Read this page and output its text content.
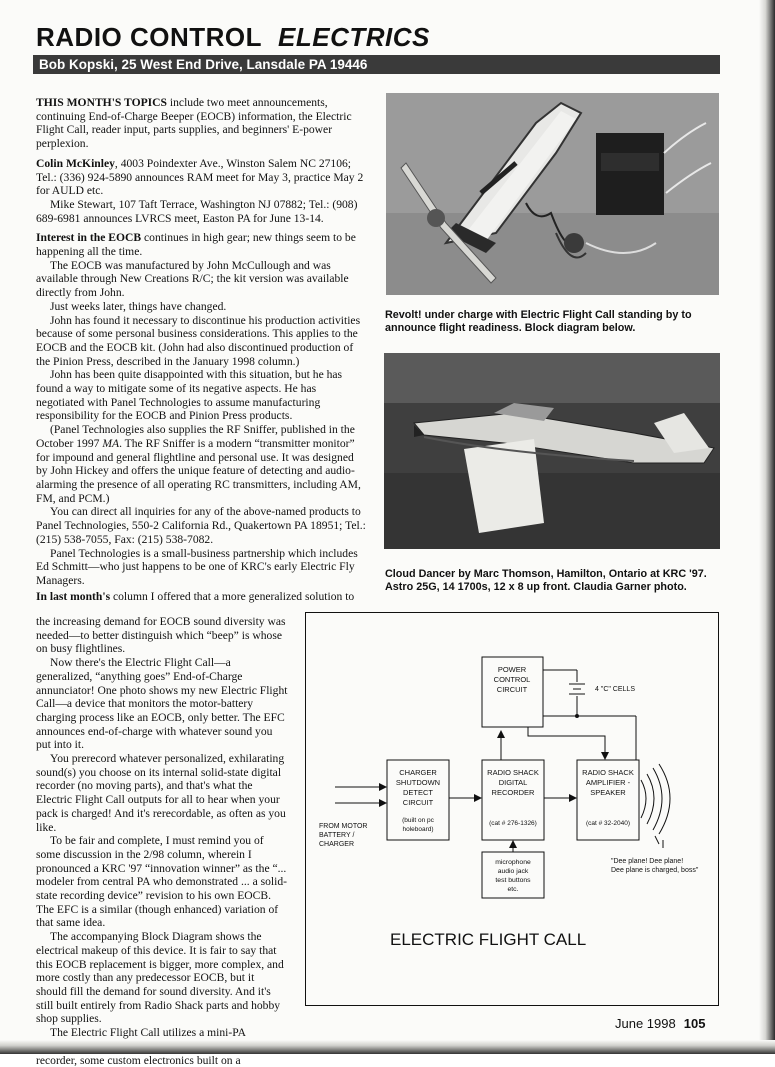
RADIO CONTROL ELECTRICS
Bob Kopski, 25 West End Drive, Lansdale PA 19446

THIS MONTH'S TOPICS include two meet announcements, continuing End-of-Charge Beeper (EOCB) information, the Electric Flight Call, reader input, parts supplies, and beginners' E-power perplexion.

Colin McKinley, 4003 Poindexter Ave., Winston Salem NC 27106; Tel.: (336) 924-5890 announces RAM meet for May 3, practice May 2 for AULD etc.

Mike Stewart, 107 Taft Terrace, Washington NJ 07882; Tel.: (908) 689-6981 announces LVRCS meet, Easton PA for June 13-14.

Interest in the EOCB continues in high gear; new things seem to be happening all the time.

The EOCB was manufactured by John McCullough and was available through New Creations R/C; the kit version was available directly from John.

Just weeks later, things have changed.

John has found it necessary to discontinue his production activities because of some personal business considerations. This applies to the EOCB and the EOCB kit. (John had also discontinued production of the Pinion Press, described in the January 1998 column.)

John has been quite disappointed with this situation, but he has found a way to mitigate some of its negative aspects. He has negotiated with Panel Technologies to assume manufacturing responsibility for the EOCB and Pinion Press products.

(Panel Technologies also supplies the RF Sniffer, published in the October 1997 MA. The RF Sniffer is a modern “transmitter monitor” for impound and general flightline and personal use. It was designed by John Hickey and offers the unique feature of detecting and audio-alarming the presence of all operating RC transmitters, including AM, FM, and PCM.)

You can direct all inquiries for any of the above-named products to Panel Technologies, 550-2 California Rd., Quakertown PA 18951; Tel.: (215) 538-7055, Fax: (215) 538-7082.

Panel Technologies is a small-business partnership which includes Ed Schmitt—who just happens to be one of KRC's early Electric Fly Managers.

In last month's column I offered that a more generalized solution to

the increasing demand for EOCB sound diversity was needed—to better distinguish which “beep” is whose on busy flightlines.

Now there's the Electric Flight Call—a generalized, “anything goes” End-of-Charge annunciator! One photo shows my new Electric Flight Call—a device that monitors the motor-battery charging process like an EOCB, only better. The EFC announces end-of-charge with whatever sound you put into it.

You prerecord whatever personalized, exhilarating sound(s) you choose on its internal solid-state digital recorder (no moving parts), and that's what the Electric Flight Call outputs for all to hear when your pack is charged! And it's rerecordable, as often as you like.

To be fair and complete, I must remind you of some discussion in the 2/98 column, wherein I pronounced a KRC '97 “innovation winner” as the “... modeler from central PA who demonstrated ... a solid-state recording device” revision to his own EOCB. The EFC is a similar (though enhanced) variation of that same idea.

The accompanying Block Diagram shows the electrical makeup of this device. It is fair to say that this EOCB replacement is bigger, more complex, and more costly than any predecessor EOCB, but it should fill the demand for sound diversity. And it's still built entirely from Radio Shack parts and hobby shop supplies.

The Electric Flight Call utilizes a mini-PA recorder, some custom electronics built on a

Revolt! under charge with Electric Flight Call standing by to announce flight readiness. Block diagram below.
Cloud Dancer by Marc Thomson, Hamilton, Ontario at KRC '97. Astro 25G, 14 1700s, 12 x 8 up front. Claudia Garner photo.
POWER
CONTROL
CIRCUIT	4 "C" CELLS
CHARGER
SHUTDOWN
DETECT
CIRCUIT
(built on pc
holeboard)
RADIO SHACK
DIGITAL
RECORDER
(cat # 276-1326)
RADIO SHACK
AMPLIFIER -
SPEAKER
(cat # 32-2040)
FROM MOTOR
BATTERY /
CHARGER
microphone
audio jack
test buttons
etc.
"Dee plane! Dee plane!
Dee plane is charged, boss"
ELECTRIC FLIGHT CALL
June 1998 105
